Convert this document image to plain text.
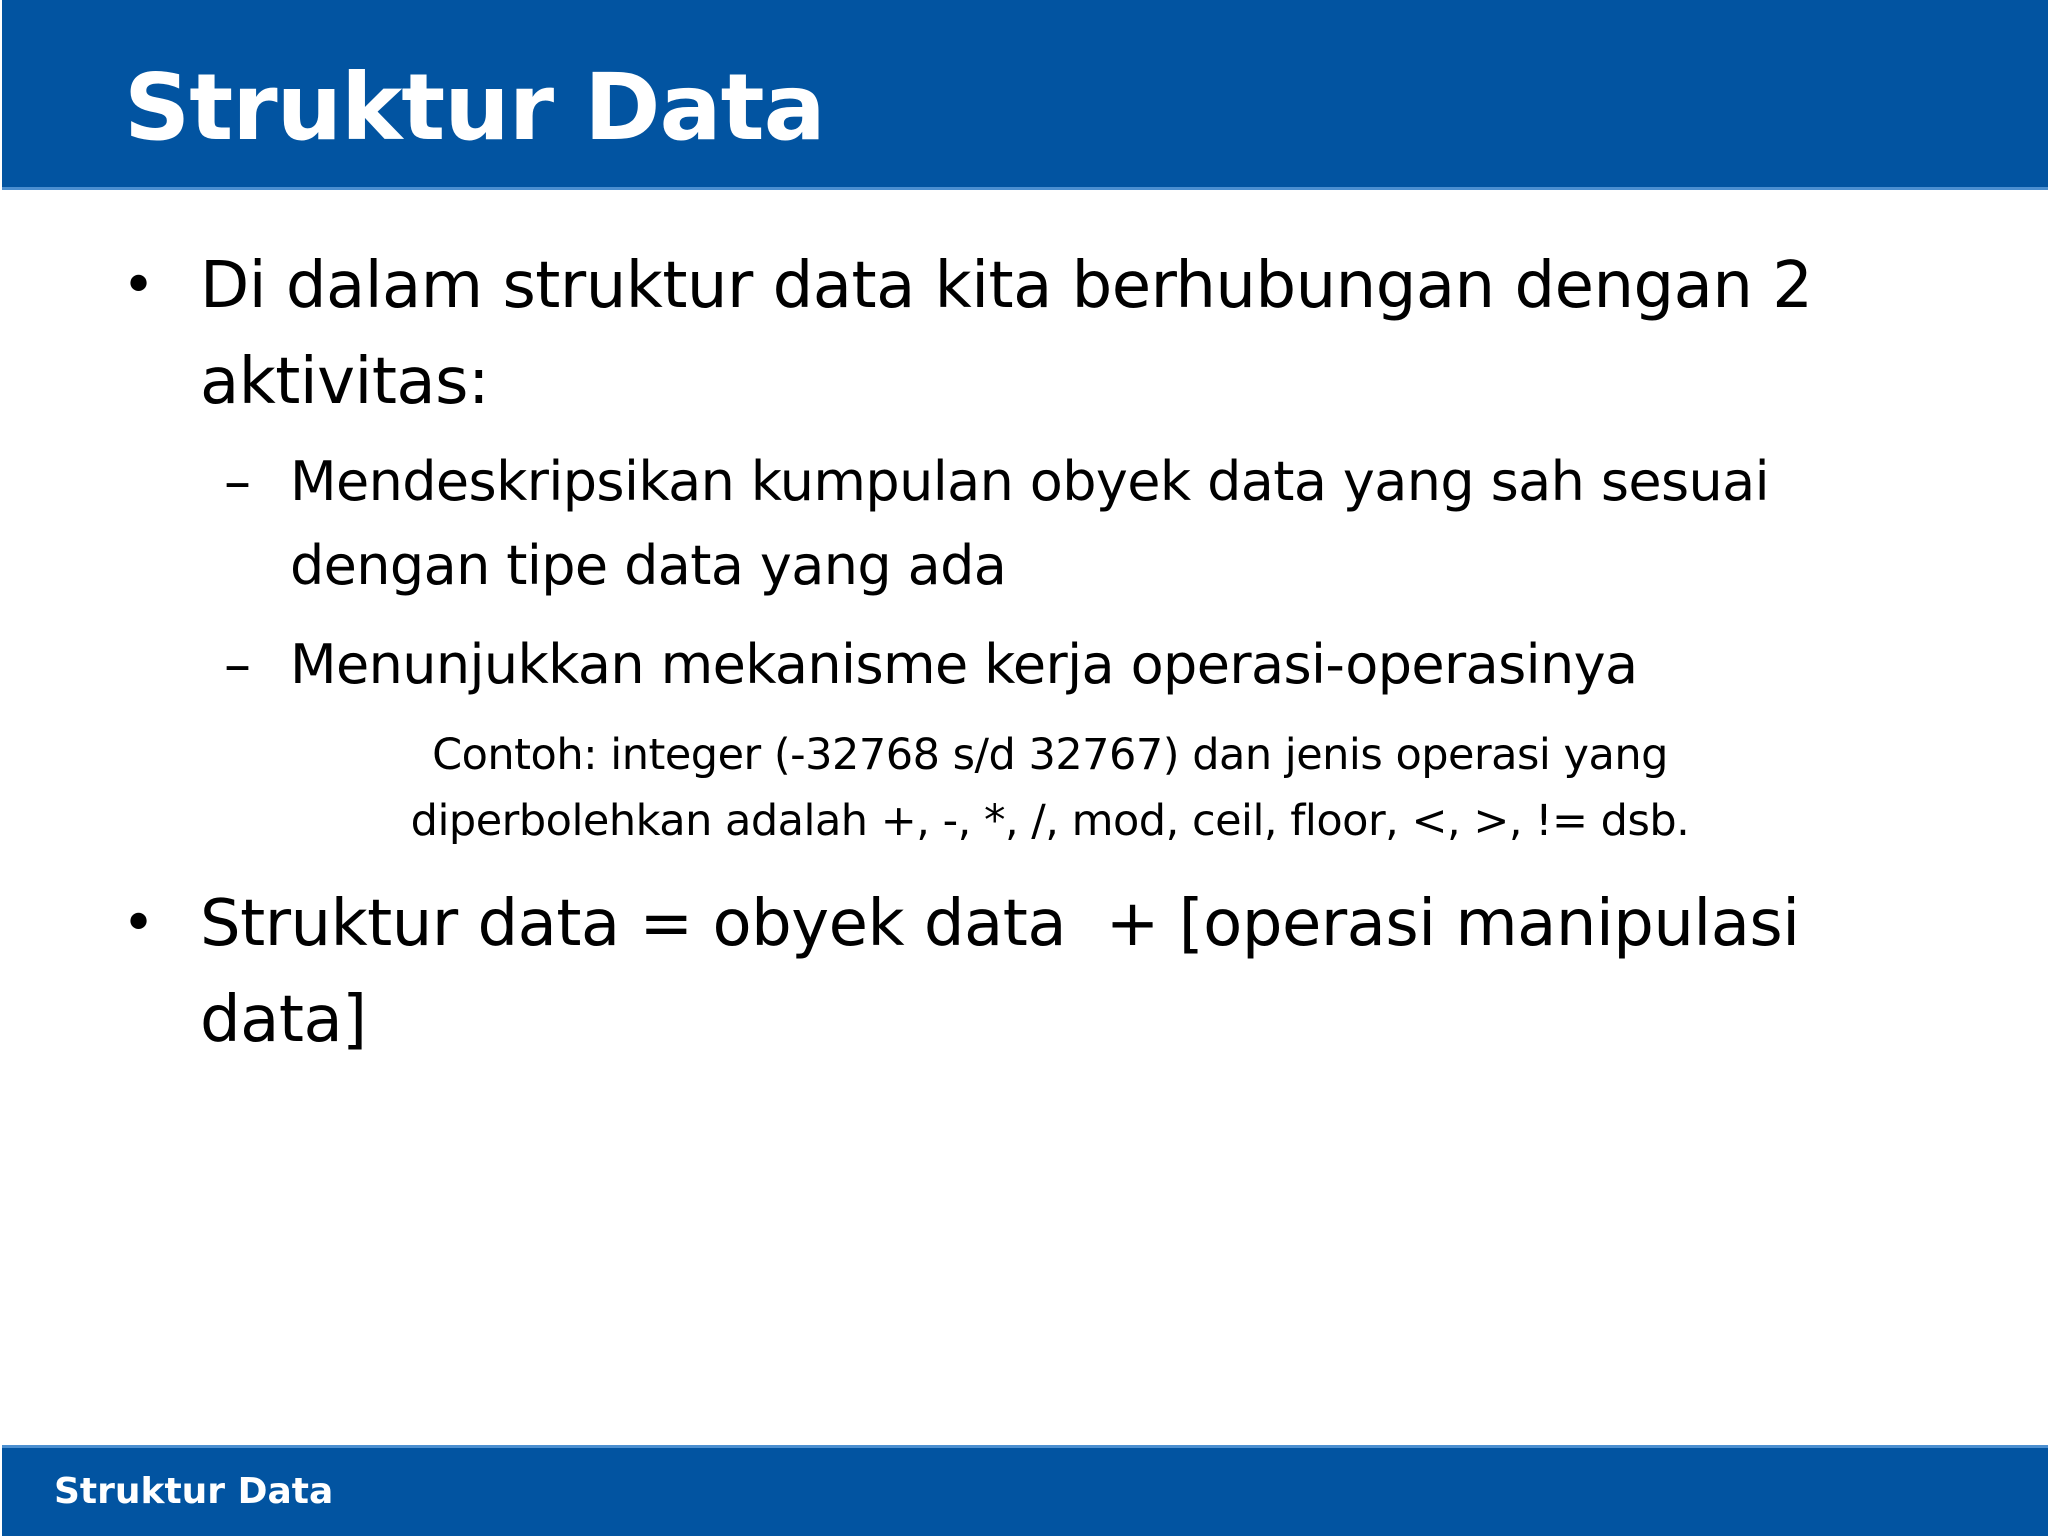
Struktur Data
• Di dalam struktur data kita berhubungan dengan 2 aktivitas:
– Mendeskripsikan kumpulan obyek data yang sah sesuai dengan tipe data yang ada
– Menunjukkan mekanisme kerja operasi-operasinya
Contoh: integer (-32768 s/d 32767) dan jenis operasi yang
diperbolehkan adalah +, -, *, /, mod, ceil, floor, <, >, != dsb.
• Struktur data = obyek data  + [operasi manipulasi data]

Struktur Data
